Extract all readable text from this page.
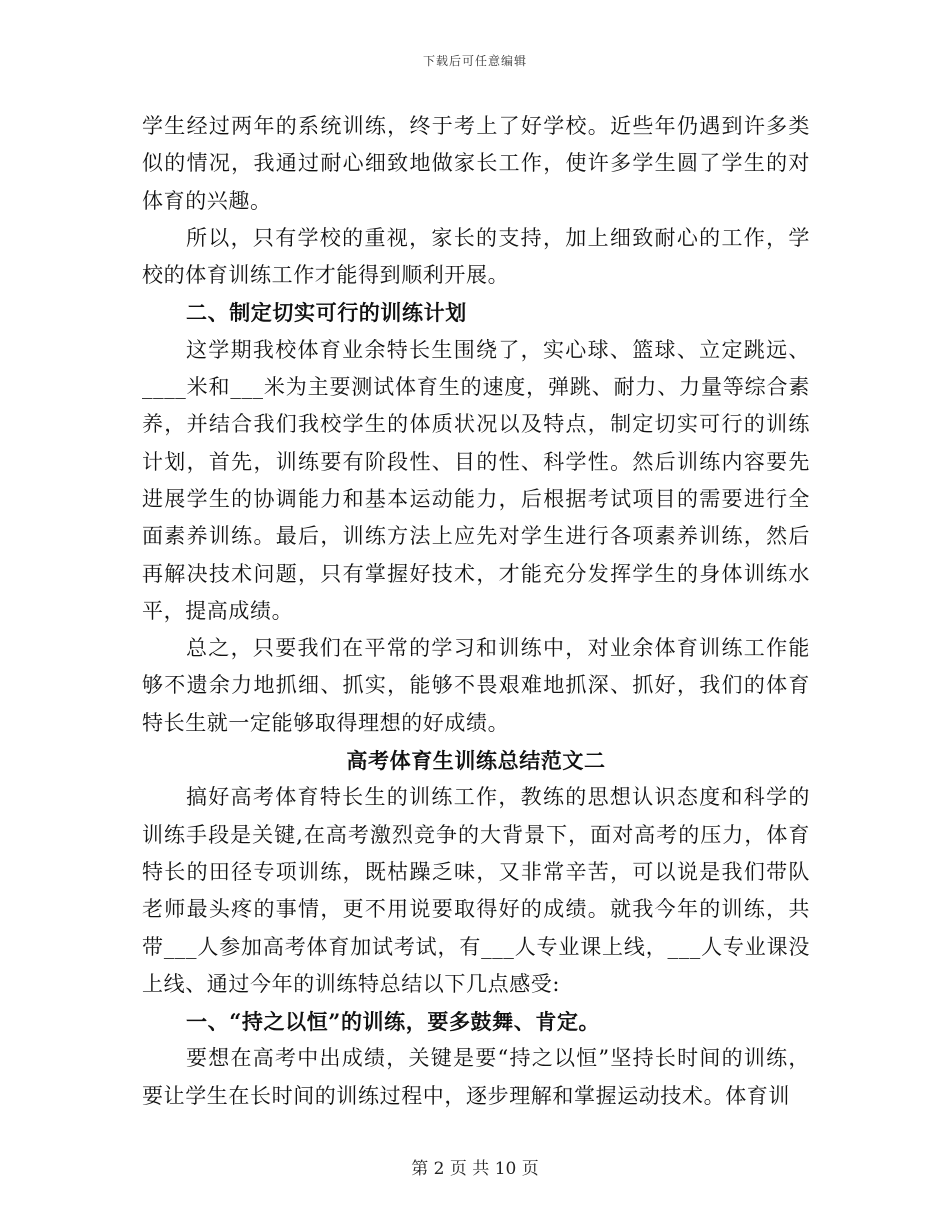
下载后可任意编辑

学生经过两年的系统训练，终于考上了好学校。近些年仍遇到许多类似的情况，我通过耐心细致地做家长工作，使许多学生圆了学生的对体育的兴趣。

所以，只有学校的重视，家长的支持，加上细致耐心的工作，学校的体育训练工作才能得到顺利开展。

二、制定切实可行的训练计划

这学期我校体育业余特长生围绕了，实心球、篮球、立定跳远、____米和___米为主要测试体育生的速度，弹跳、耐力、力量等综合素养，并结合我们我校学生的体质状况以及特点，制定切实可行的训练计划，首先，训练要有阶段性、目的性、科学性。然后训练内容要先进展学生的协调能力和基本运动能力，后根据考试项目的需要进行全面素养训练。最后，训练方法上应先对学生进行各项素养训练，然后再解决技术问题，只有掌握好技术，才能充分发挥学生的身体训练水平，提高成绩。

总之，只要我们在平常的学习和训练中，对业余体育训练工作能够不遗余力地抓细、抓实，能够不畏艰难地抓深、抓好，我们的体育特长生就一定能够取得理想的好成绩。

高考体育生训练总结范文二

搞好高考体育特长生的训练工作，教练的思想认识态度和科学的训练手段是关键,在高考激烈竞争的大背景下，面对高考的压力，体育特长的田径专项训练，既枯躁乏味，又非常辛苦，可以说是我们带队老师最头疼的事情，更不用说要取得好的成绩。就我今年的训练，共带___人参加高考体育加试考试，有___人专业课上线，___人专业课没上线、通过今年的训练特总结以下几点感受:

一、“持之以恒”的训练，要多鼓舞、肯定。

要想在高考中出成绩，关键是要“持之以恒”坚持长时间的训练，要让学生在长时间的训练过程中，逐步理解和掌握运动技术。体育训

第 2 页 共 10 页
